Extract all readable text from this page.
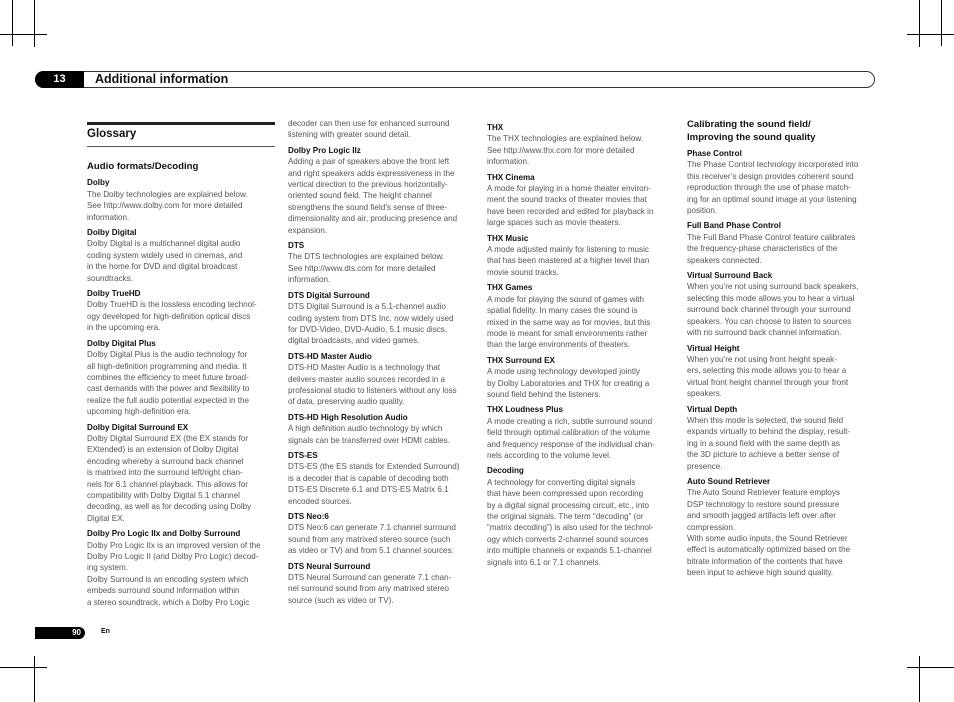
13	Additional information

Glossary

Audio formats/Decoding

Dolby

The Dolby technologies are explained below.

See http://www.dolby.com for more detailed

information.

Dolby Digital

Dolby Digital is a multichannel digital audio

coding system widely used in cinemas, and

in the home for DVD and digital broadcast

soundtracks.

Dolby TrueHD

Dolby TrueHD is the lossless encoding technol-

ogy developed for high-definition optical discs

in the upcoming era.

Dolby Digital Plus

Dolby Digital Plus is the audio technology for

all high-definition programming and media. It

combines the efficiency to meet future broad-

cast demands with the power and flexibility to

realize the full audio potential expected in the

upcoming high-definition era.

Dolby Digital Surround EX

Dolby Digital Surround EX (the EX stands for

EXtended) is an extension of Dolby Digital

encoding whereby a surround back channel

is matrixed into the surround left/right chan-

nels for 6.1 channel playback. This allows for

compatibility with Dolby Digital 5.1 channel

decoding, as well as for decoding using Dolby

Digital EX.

Dolby Pro Logic IIx and Dolby Surround

Dolby Pro Logic IIx is an improved version of the

Dolby Pro Logic II (and Dolby Pro Logic) decod-

ing system.

Dolby Surround is an encoding system which

embeds surround sound information within

a stereo soundtrack, which a Dolby Pro Logic

decoder can then use for enhanced surround

listening with greater sound detail.

Dolby Pro Logic IIz

Adding a pair of speakers above the front left

and right speakers adds expressiveness in the

vertical direction to the previous horizontally-

oriented sound field. The height channel

strengthens the sound field’s sense of three-

dimensionality and air, producing presence and

expansion.

DTS

The DTS technologies are explained below.

See http://www.dts.com for more detailed

information.

DTS Digital Surround

DTS Digital Surround is a 5.1-channel audio

coding system from DTS Inc. now widely used

for DVD-Video, DVD-Audio, 5.1 music discs,

digital broadcasts, and video games.

DTS-HD Master Audio

DTS-HD Master Audio is a technology that

delivers master audio sources recorded in a

professional studio to listeners without any loss

of data, preserving audio quality.

DTS-HD High Resolution Audio

A high definition audio technology by which

signals can be transferred over HDMI cables.

DTS-ES

DTS-ES (the ES stands for Extended Surround)

is a decoder that is capable of decoding both

DTS-ES Discrete 6.1 and DTS-ES Matrix 6.1

encoded sources.

DTS Neo:6

DTS Neo:6 can generate 7.1 channel surround

sound from any matrixed stereo source (such

as video or TV) and from 5.1 channel sources.

DTS Neural Surround

DTS Neural Surround can generate 7.1 chan-

nel surround sound from any matrixed stereo

source (such as video or TV).

THX

The THX technologies are explained below.

See http://www.thx.com for more detailed

information.

THX Cinema

A mode for playing in a home theater environ-

ment the sound tracks of theater movies that

have been recorded and edited for playback in

large spaces such as movie theaters.

THX Music

A mode adjusted mainly for listening to music

that has been mastered at a higher level than

movie sound tracks.

THX Games

A mode for playing the sound of games with

spatial fidelity. In many cases the sound is

mixed in the same way as for movies, but this

mode is meant for small environments rather

than the large environments of theaters.

THX Surround EX

A mode using technology developed jointly

by Dolby Laboratories and THX for creating a

sound field behind the listeners.

THX Loudness Plus

A mode creating a rich, subtle surround sound

field through optimal calibration of the volume

and frequency response of the individual chan-

nels according to the volume level.

Decoding

A technology for converting digital signals

that have been compressed upon recording

by a digital signal processing circuit, etc., into

the original signals. The term “decoding” (or

“matrix decoding”) is also used for the technol-

ogy which converts 2-channel sound sources

into multiple channels or expands 5.1-channel

signals into 6.1 or 7.1 channels.

Calibrating the sound field/

Improving the sound quality

Phase Control

The Phase Control technology incorporated into

this receiver’s design provides coherent sound

reproduction through the use of phase match-

ing for an optimal sound image at your listening

position.

Full Band Phase Control

The Full Band Phase Control feature calibrates

the frequency-phase characteristics of the

speakers connected.

Virtual Surround Back

When you’re not using surround back speakers,

selecting this mode allows you to hear a virtual

surround back channel through your surround

speakers. You can choose to listen to sources

with no surround back channel information.

Virtual Height

When you’re not using front height speak-

ers, selecting this mode allows you to hear a

virtual front height channel through your front

speakers.

Virtual Depth

When this mode is selected, the sound field

expands virtually to behind the display, result-

ing in a sound field with the same depth as

the 3D picture to achieve a better sense of

presence.

Auto Sound Retriever

The Auto Sound Retriever feature employs

DSP technology to restore sound pressure

and smooth jagged artifacts left over after

compression.

With some audio inputs, the Sound Retriever

effect is automatically optimized based on the

bitrate information of the contents that have

been input to achieve high sound quality.

90	En
